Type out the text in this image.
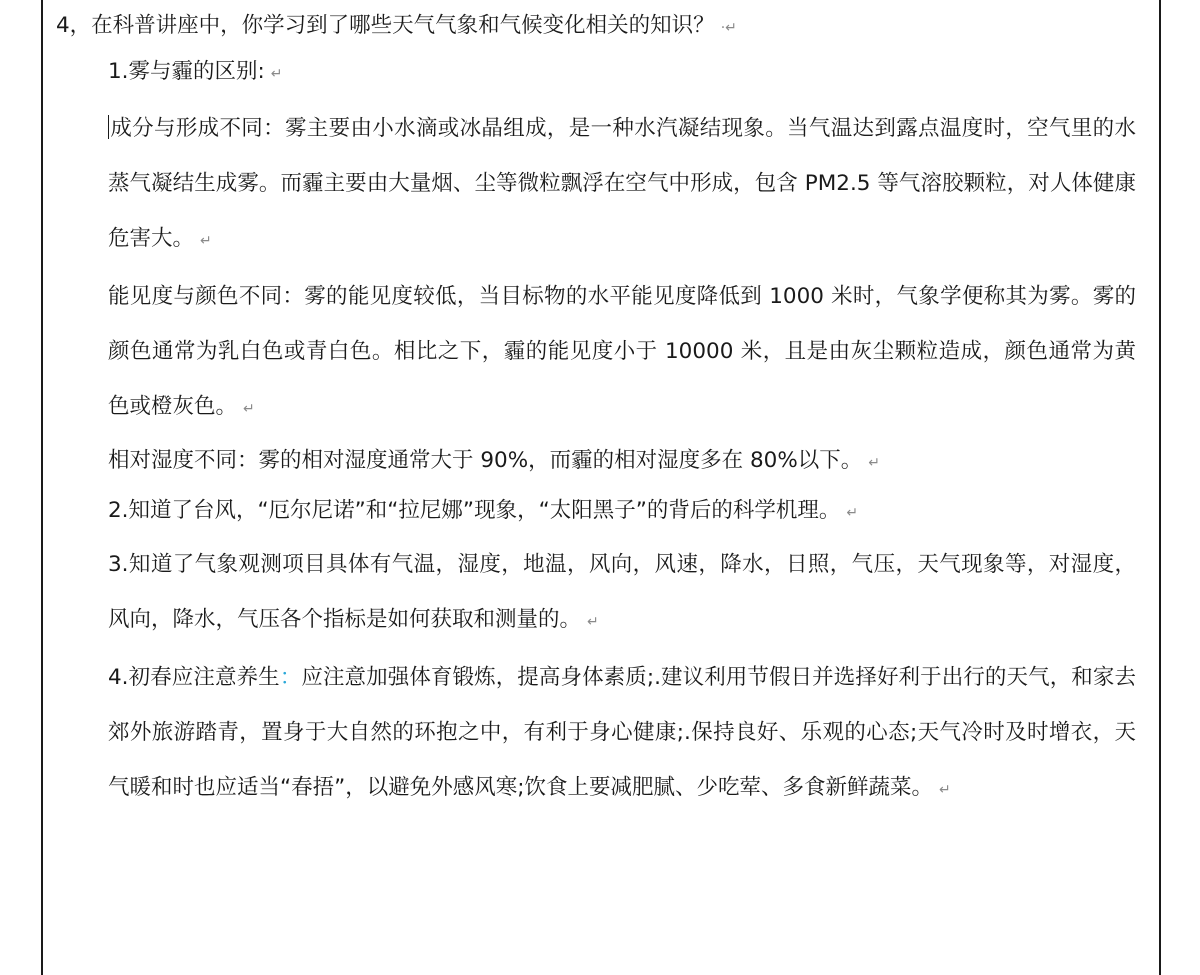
4，在科普讲座中，你学习到了哪些天气气象和气候变化相关的知识？ ·↵

1.雾与霾的区别: ↵

成分与形成不同：雾主要由小水滴或冰晶组成，是一种水汽凝结现象。当气温达到露点温度时，空气里的水蒸气凝结生成雾。而霾主要由大量烟、尘等微粒飘浮在空气中形成，包含 PM2.5 等气溶胶颗粒，对人体健康危害大。 ↵

能见度与颜色不同：雾的能见度较低，当目标物的水平能见度降低到 1000 米时，气象学便称其为雾。雾的颜色通常为乳白色或青白色。相比之下，霾的能见度小于 10000 米，且是由灰尘颗粒造成，颜色通常为黄色或橙灰色。 ↵

相对湿度不同：雾的相对湿度通常大于 90%，而霾的相对湿度多在 80%以下。 ↵

2.知道了台风，“厄尔尼诺”和“拉尼娜”现象，“太阳黑子”的背后的科学机理。 ↵

3.知道了气象观测项目具体有气温，湿度，地温，风向，风速，降水，日照，气压，天气现象等，对湿度，风向，降水，气压各个指标是如何获取和测量的。 ↵

4.初春应注意养生：应注意加强体育锻炼，提高身体素质;.建议利用节假日并选择好利于出行的天气，和家去郊外旅游踏青，置身于大自然的环抱之中，有利于身心健康;.保持良好、乐观的心态;天气冷时及时增衣，天气暖和时也应适当“春捂”，以避免外感风寒;饮食上要减肥腻、少吃荤、多食新鲜蔬菜。 ↵
